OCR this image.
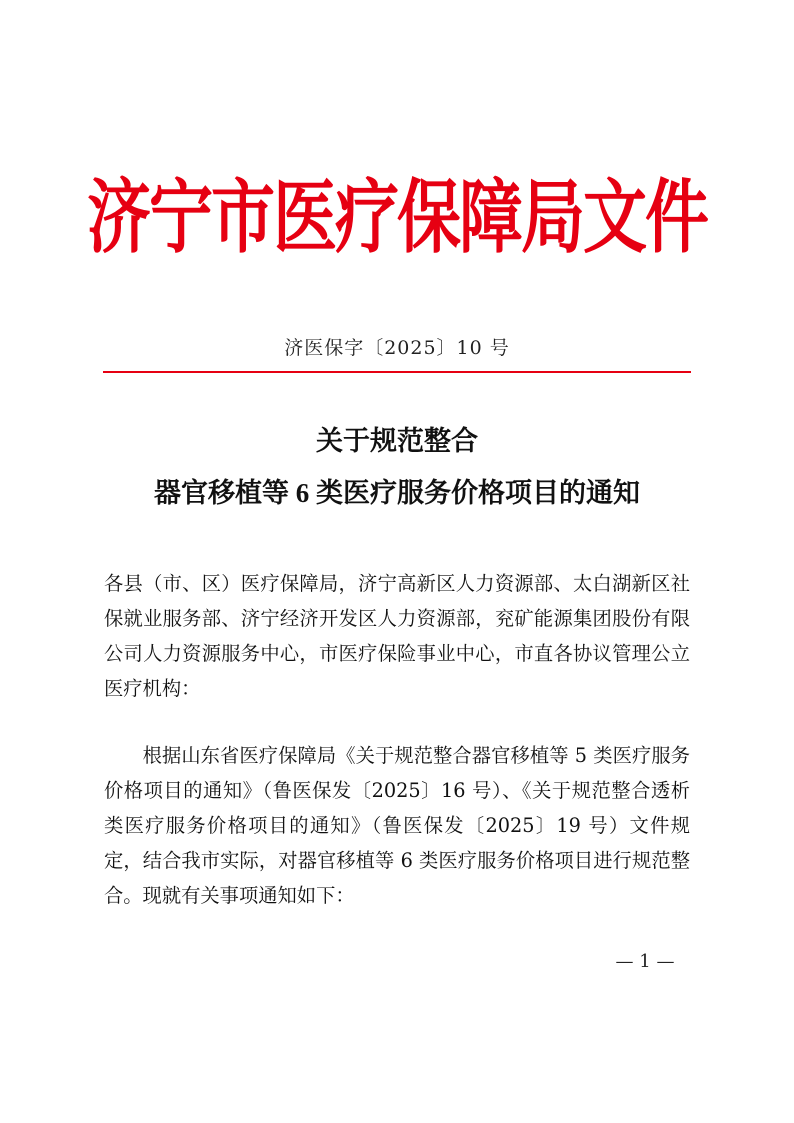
济宁市医疗保障局文件
济医保字〔2025〕10 号
关于规范整合
器官移植等 6 类医疗服务价格项目的通知
各县（市、区）医疗保障局，济宁高新区人力资源部、太白湖新区社保就业服务部、济宁经济开发区人力资源部，兖矿能源集团股份有限公司人力资源服务中心，市医疗保险事业中心，市直各协议管理公立医疗机构：
根据山东省医疗保障局《关于规范整合器官移植等 5 类医疗服务价格项目的通知》（鲁医保发〔2025〕16 号）、《关于规范整合透析类医疗服务价格项目的通知》（鲁医保发〔2025〕19 号）文件规定，结合我市实际，对器官移植等 6 类医疗服务价格项目进行规范整合。现就有关事项通知如下：
— 1 —
